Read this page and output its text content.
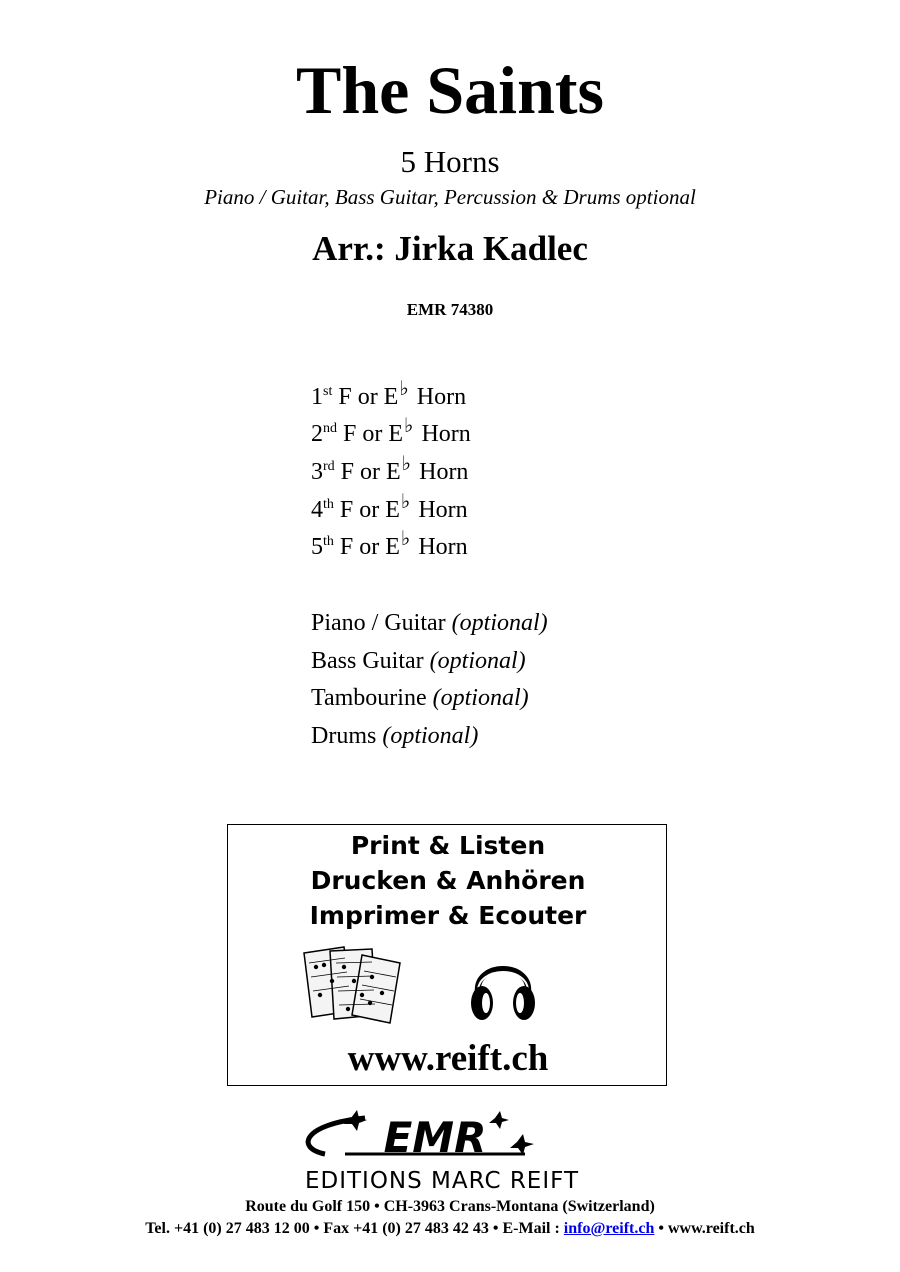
The Saints
5 Horns
Piano / Guitar, Bass Guitar, Percussion & Drums optional
Arr.: Jirka Kadlec
EMR 74380
1st F or E♭ Horn
2nd F or E♭ Horn
3rd F or E♭ Horn
4th F or E♭ Horn
5th F or E♭ Horn
Piano / Guitar (optional)
Bass Guitar (optional)
Tambourine (optional)
Drums (optional)
Print & Listen
Drucken & Anhören
Imprimer & Ecouter
www.reift.ch
EMR
EDITIONS MARC REIFT
Route du Golf 150 • CH-3963 Crans-Montana (Switzerland)
Tel. +41 (0) 27 483 12 00 • Fax +41 (0) 27 483 42 43 • E-Mail : info@reift.ch • www.reift.ch
